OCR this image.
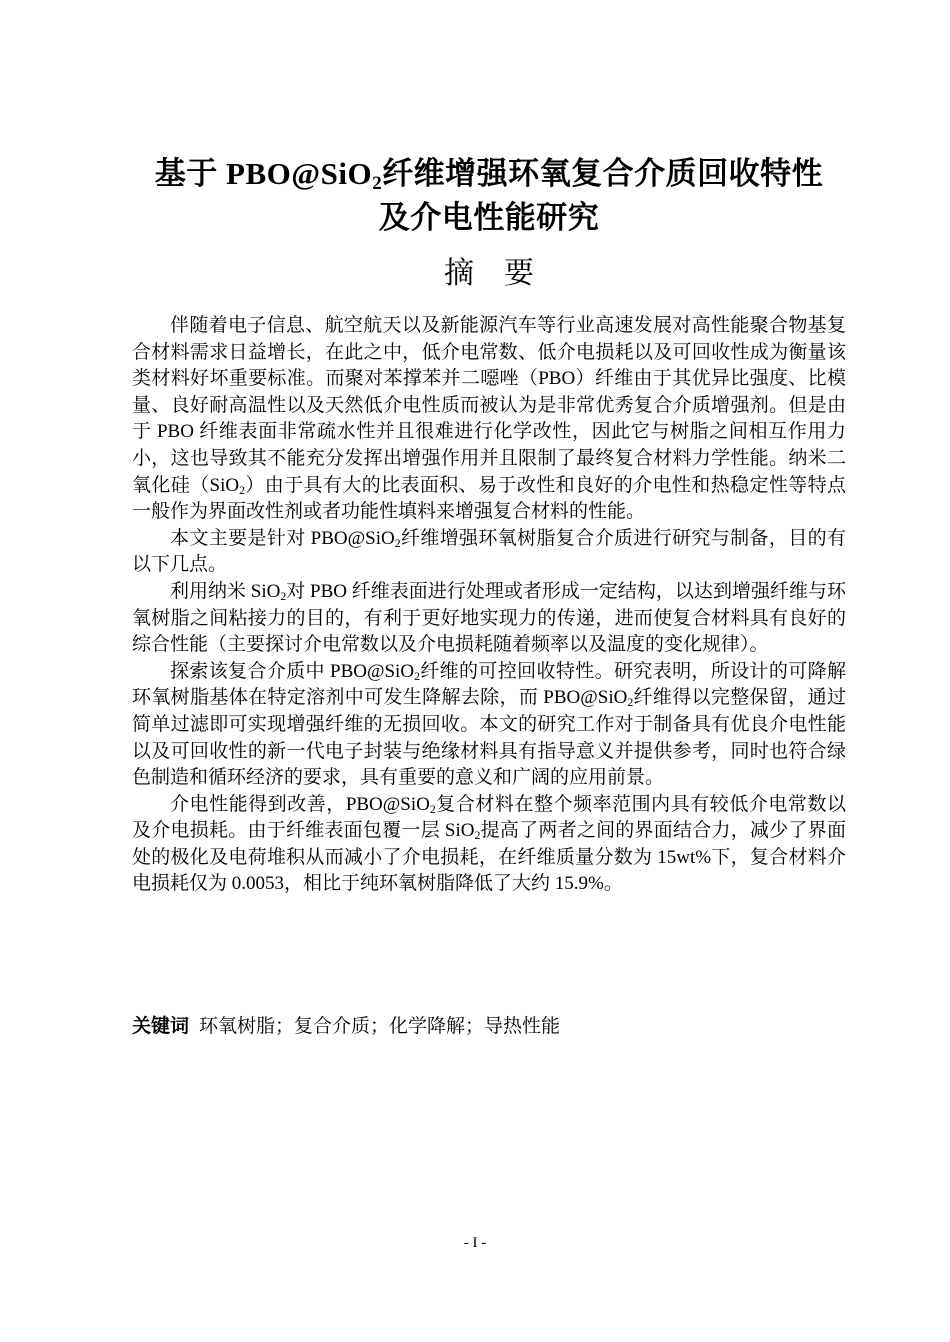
基于 PBO@SiO$_2$纤维增强环氧复合介质回收特性
及介电性能研究
摘要

伴随着电子信息、航空航天以及新能源汽车等行业高速发展对高性能聚合物基复合材料需求日益增长，在此之中，低介电常数、低介电损耗以及可回收性成为衡量该类材料好坏重要标准。而聚对苯撑苯并二噁唑（PBO）纤维由于其优异比强度、比模量、良好耐高温性以及天然低介电性质而被认为是非常优秀复合介质增强剂。但是由于 PBO 纤维表面非常疏水性并且很难进行化学改性，因此它与树脂之间相互作用力小，这也导致其不能充分发挥出增强作用并且限制了最终复合材料力学性能。纳米二氧化硅（SiO$_2$）由于具有大的比表面积、易于改性和良好的介电性和热稳定性等特点一般作为界面改性剂或者功能性填料来增强复合材料的性能。

本文主要是针对 PBO@SiO$_2$纤维增强环氧树脂复合介质进行研究与制备，目的有以下几点。

利用纳米 SiO$_2$对 PBO 纤维表面进行处理或者形成一定结构，以达到增强纤维与环氧树脂之间粘接力的目的，有利于更好地实现力的传递，进而使复合材料具有良好的综合性能（主要探讨介电常数以及介电损耗随着频率以及温度的变化规律）。

探索该复合介质中 PBO@SiO$_2$纤维的可控回收特性。研究表明，所设计的可降解环氧树脂基体在特定溶剂中可发生降解去除，而 PBO@SiO$_2$纤维得以完整保留，通过简单过滤即可实现增强纤维的无损回收。本文的研究工作对于制备具有优良介电性能以及可回收性的新一代电子封装与绝缘材料具有指导意义并提供参考，同时也符合绿色制造和循环经济的要求，具有重要的意义和广阔的应用前景。

介电性能得到改善，PBO@SiO$_2$复合材料在整个频率范围内具有较低介电常数以及介电损耗。由于纤维表面包覆一层 SiO$_2$提高了两者之间的界面结合力，减少了界面处的极化及电荷堆积从而减小了介电损耗，在纤维质量分数为 15wt%下，复合材料介电损耗仅为 0.0053，相比于纯环氧树脂降低了大约 15.9%。

关键词 环氧树脂；复合介质；化学降解；导热性能
- I -
